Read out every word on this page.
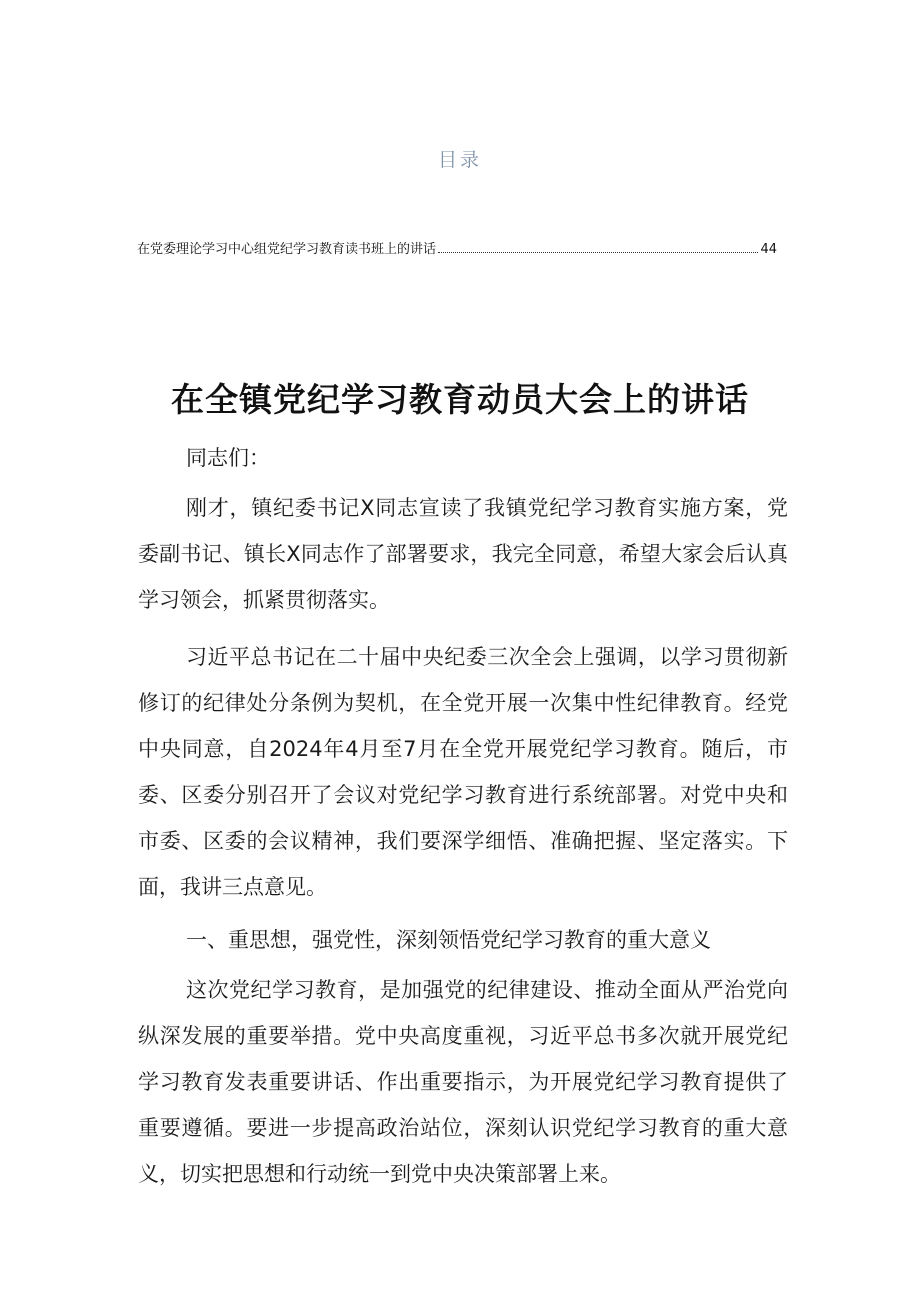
目录
在党委理论学习中心组党纪学习教育读书班上的讲话	44
在全镇党纪学习教育动员大会上的讲话

同志们：

刚才，镇纪委书记X同志宣读了我镇党纪学习教育实施方案，党委副书记、镇长X同志作了部署要求，我完全同意，希望大家会后认真学习领会，抓紧贯彻落实。

习近平总书记在二十届中央纪委三次全会上强调，以学习贯彻新修订的纪律处分条例为契机，在全党开展一次集中性纪律教育。经党中央同意，自2024年4月至7月在全党开展党纪学习教育。随后，市委、区委分别召开了会议对党纪学习教育进行系统部署。对党中央和市委、区委的会议精神，我们要深学细悟、准确把握、坚定落实。下面，我讲三点意见。

一、重思想，强党性，深刻领悟党纪学习教育的重大意义

这次党纪学习教育，是加强党的纪律建设、推动全面从严治党向纵深发展的重要举措。党中央高度重视，习近平总书多次就开展党纪学习教育发表重要讲话、作出重要指示，为开展党纪学习教育提供了重要遵循。要进一步提高政治站位，深刻认识党纪学习教育的重大意义，切实把思想和行动统一到党中央决策部署上来。
